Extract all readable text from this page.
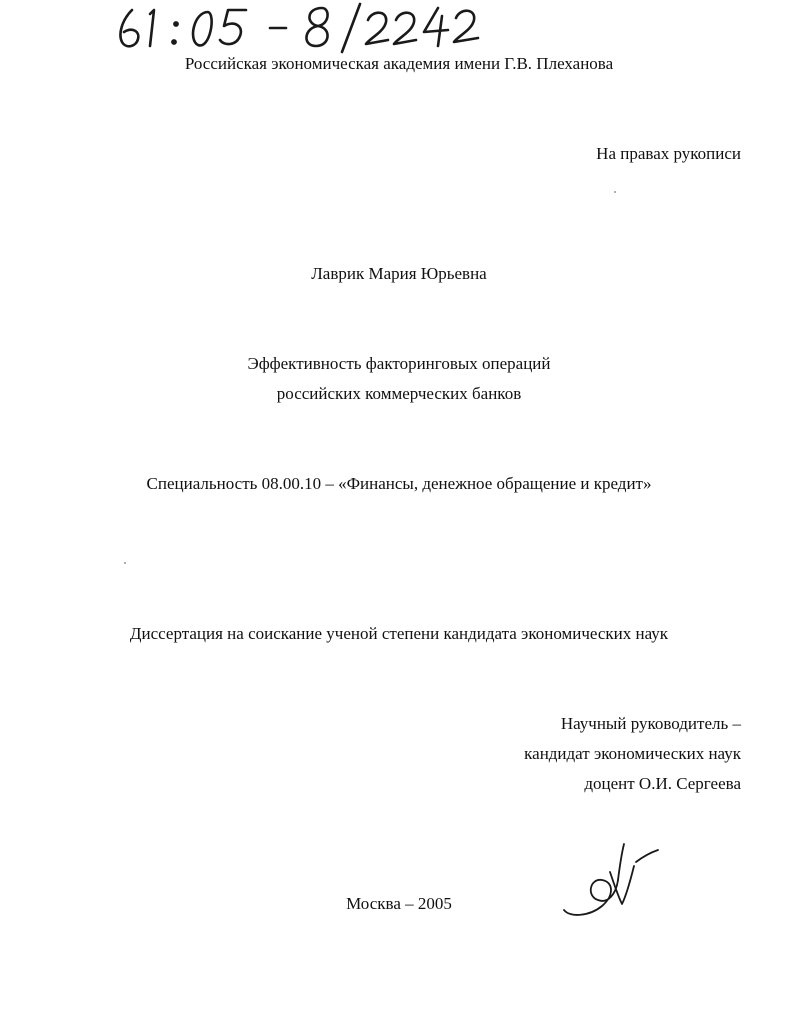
Российская экономическая академия имени Г.В. Плеханова
На правах рукописи
Лаврик Мария Юрьевна
Эффективность факторинговых операций
российских коммерческих банков
Специальность 08.00.10 – «Финансы, денежное обращение и кредит»
Диссертация на соискание ученой степени кандидата экономических наук
Научный руководитель –
кандидат экономических наук
доцент О.И. Сергеева
Москва – 2005
